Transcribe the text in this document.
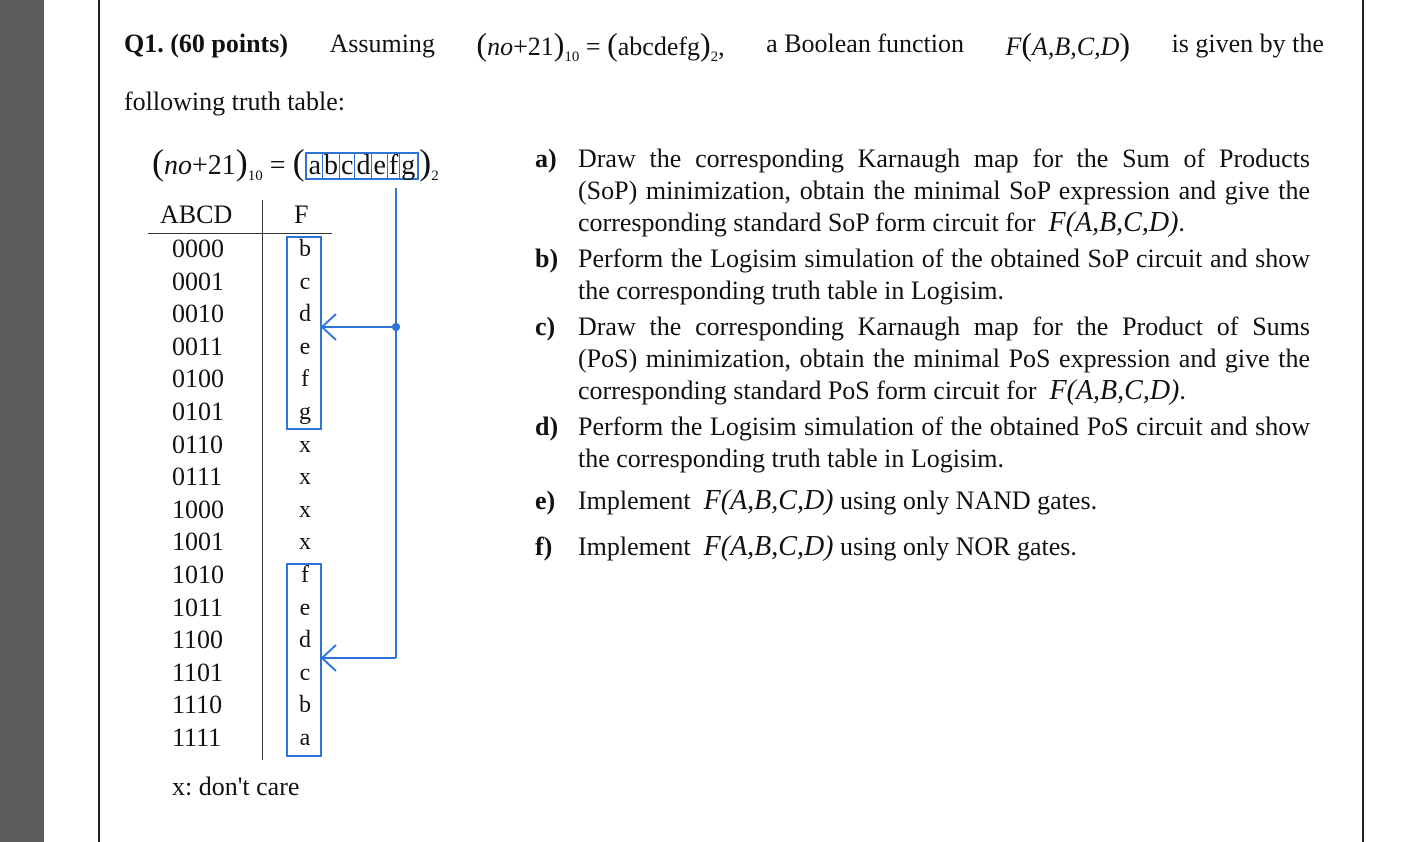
Q1. (60 points) Assuming $(no+21)_{10}$ = $(abcdefg)_2$, a Boolean function F(A,B,C,D) is given by the
following truth table:
$(no+21)_{10}$ = ( a b c d e f g )$_2$
ABCD F
0000	b
0001	c
0010	d
0011	e
0100	f
0101	g
0110	x
0111	x
1000	x
1001	x
1010	f
1011	e
1100	d
1101	c
1110	b
1111	a
x: don't care
a) Draw the corresponding Karnaugh map for the Sum of Products (SoP) minimization, obtain the minimal SoP expression and give the corresponding standard SoP form circuit for F(A,B,C,D).
b) Perform the Logisim simulation of the obtained SoP circuit and show the corresponding truth table in Logisim.
c) Draw the corresponding Karnaugh map for the Product of Sums (PoS) minimization, obtain the minimal PoS expression and give the corresponding standard PoS form circuit for F(A,B,C,D).
d) Perform the Logisim simulation of the obtained PoS circuit and show the corresponding truth table in Logisim.
e) Implement F(A,B,C,D) using only NAND gates.
f) Implement F(A,B,C,D) using only NOR gates.
